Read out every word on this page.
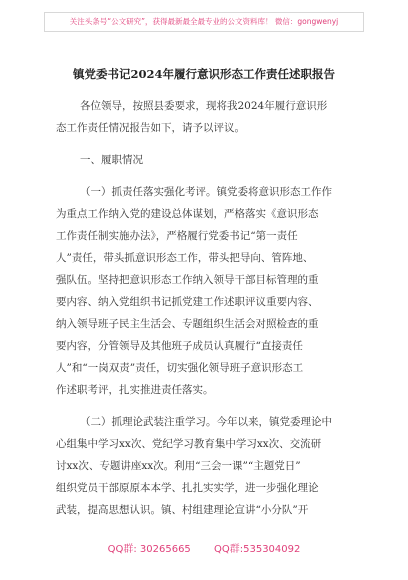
关注头条号“公文研究”，获得最新最全最专业的公文资料库！ 微信：gongwenyj
镇党委书记2024年履行意识形态工作责任述职报告
各位领导，按照县委要求，现将我2024年履行意识形
态工作责任情况报告如下，请予以评议。
一、履职情况
（一）抓责任落实强化考评。镇党委将意识形态工作作
为重点工作纳入党的建设总体谋划，严格落实《意识形态
工作责任制实施办法》，严格履行党委书记“第一责任
人”责任，带头抓意识形态工作，带头把导向、管阵地、
强队伍。坚持把意识形态工作纳入领导干部目标管理的重
要内容、纳入党组织书记抓党建工作述职评议重要内容、
纳入领导班子民主生活会、专题组织生活会对照检查的重
要内容，分管领导及其他班子成员认真履行“直接责任
人”和“一岗双责”责任，切实强化领导班子意识形态工
作述职考评，扎实推进责任落实。
（二）抓理论武装注重学习。今年以来，镇党委理论中
心组集中学习xx次、党纪学习教育集中学习xx次、交流研
讨xx次、专题讲座xx次。利用“三会一课”“主题党日”
组织党员干部原原本本学、扎扎实实学，进一步强化理论
武装，提高思想认识。镇、村组建理论宣讲“小分队”开
QQ群: 30265665 QQ群:535304092
